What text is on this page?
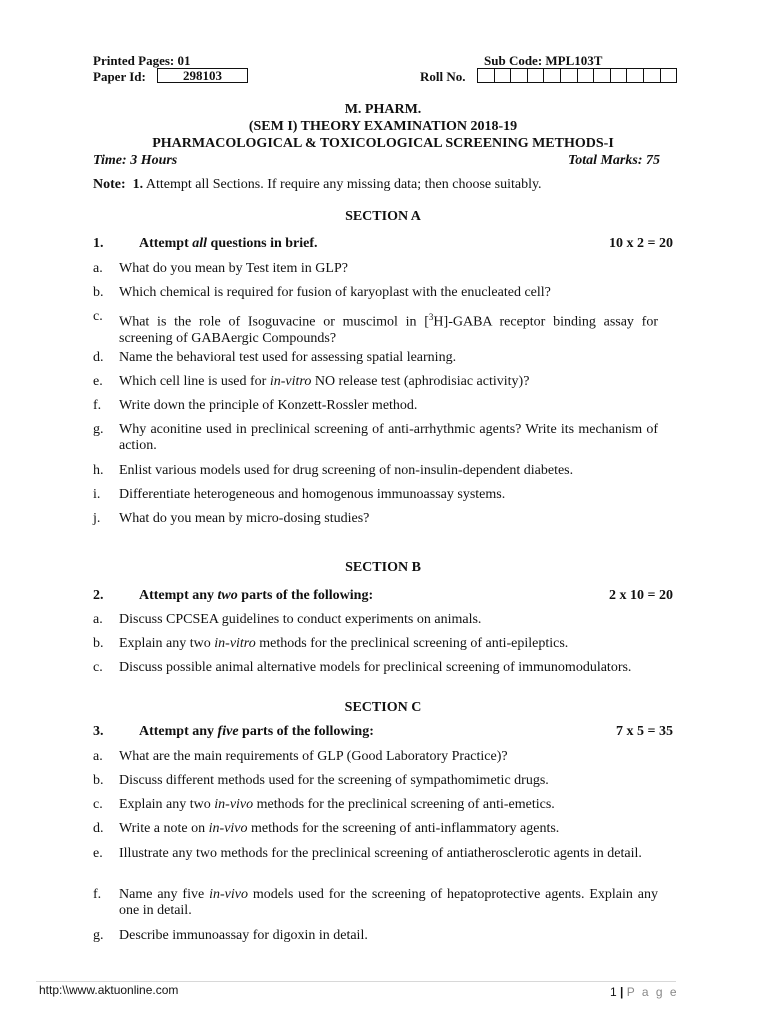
Printed Pages: 01	Sub Code: MPL103T
Paper Id:	298103	Roll No.
M. PHARM.
(SEM I) THEORY EXAMINATION 2018-19
PHARMACOLOGICAL & TOXICOLOGICAL SCREENING METHODS-I
Time: 3 Hours	Total Marks: 75
Note: 1. Attempt all Sections. If require any missing data; then choose suitably.
SECTION A
1.	Attempt all questions in brief.	10 x 2 = 20
a.	What do you mean by Test item in GLP?
b.	Which chemical is required for fusion of karyoplast with the enucleated cell?
c.	What is the role of Isoguvacine or muscimol in [$^3$H]-GABA receptor binding assay for screening of GABAergic Compounds?
d.	Name the behavioral test used for assessing spatial learning.
e.	Which cell line is used for in-vitro NO release test (aphrodisiac activity)?
f.	Write down the principle of Konzett-Rossler method.
g.	Why aconitine used in preclinical screening of anti-arrhythmic agents? Write its mechanism of action.
h.	Enlist various models used for drug screening of non-insulin-dependent diabetes.
i.	Differentiate heterogeneous and homogenous immunoassay systems.
j.	What do you mean by micro-dosing studies?
SECTION B
2.	Attempt any two parts of the following:	2 x 10 = 20
a.	Discuss CPCSEA guidelines to conduct experiments on animals.
b.	Explain any two in-vitro methods for the preclinical screening of anti-epileptics.
c.	Discuss possible animal alternative models for preclinical screening of immunomodulators.
SECTION C
3.	Attempt any five parts of the following:	7 x 5 = 35
a.	What are the main requirements of GLP (Good Laboratory Practice)?
b.	Discuss different methods used for the screening of sympathomimetic drugs.
c.	Explain any two in-vivo methods for the preclinical screening of anti-emetics.
d.	Write a note on in-vivo methods for the screening of anti-inflammatory agents.
e.	Illustrate any two methods for the preclinical screening of antiatherosclerotic agents in detail.
f.	Name any five in-vivo models used for the screening of hepatoprotective agents. Explain any one in detail.
g.	Describe immunoassay for digoxin in detail.
http:\\www.aktuonline.com	1 | P a g e
